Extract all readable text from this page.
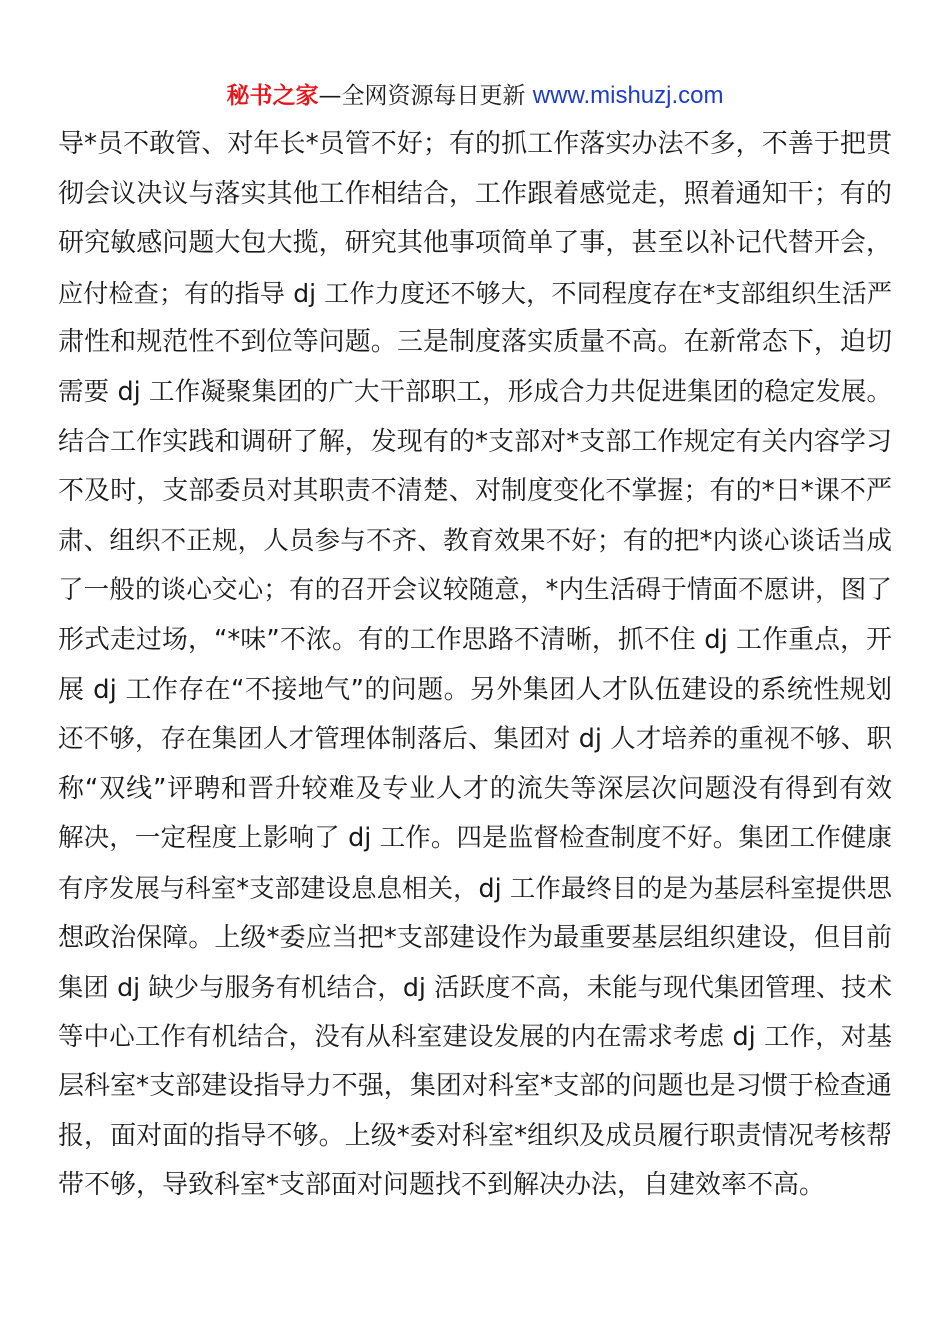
秘书之家—全网资源每日更新 www.mishuzj.com
导*员不敢管、对年长*员管不好；有的抓工作落实办法不多，不善于把贯
彻会议决议与落实其他工作相结合，工作跟着感觉走，照着通知干；有的
研究敏感问题大包大揽，研究其他事项简单了事，甚至以补记代替开会，
应付检查；有的指导 dj 工作力度还不够大，不同程度存在*支部组织生活严
肃性和规范性不到位等问题。三是制度落实质量不高。在新常态下，迫切
需要 dj 工作凝聚集团的广大干部职工，形成合力共促进集团的稳定发展。
结合工作实践和调研了解，发现有的*支部对*支部工作规定有关内容学习
不及时，支部委员对其职责不清楚、对制度变化不掌握；有的*日*课不严
肃、组织不正规，人员参与不齐、教育效果不好；有的把*内谈心谈话当成
了一般的谈心交心；有的召开会议较随意，*内生活碍于情面不愿讲，图了
形式走过场，“*味”不浓。有的工作思路不清晰，抓不住 dj 工作重点，开
展 dj 工作存在“不接地气”的问题。另外集团人才队伍建设的系统性规划
还不够，存在集团人才管理体制落后、集团对 dj 人才培养的重视不够、职
称“双线”评聘和晋升较难及专业人才的流失等深层次问题没有得到有效
解决，一定程度上影响了 dj 工作。四是监督检查制度不好。集团工作健康
有序发展与科室*支部建设息息相关，dj 工作最终目的是为基层科室提供思
想政治保障。上级*委应当把*支部建设作为最重要基层组织建设，但目前
集团 dj 缺少与服务有机结合，dj 活跃度不高，未能与现代集团管理、技术
等中心工作有机结合，没有从科室建设发展的内在需求考虑 dj 工作，对基
层科室*支部建设指导力不强，集团对科室*支部的问题也是习惯于检查通
报，面对面的指导不够。上级*委对科室*组织及成员履行职责情况考核帮
带不够，导致科室*支部面对问题找不到解决办法，自建效率不高。
